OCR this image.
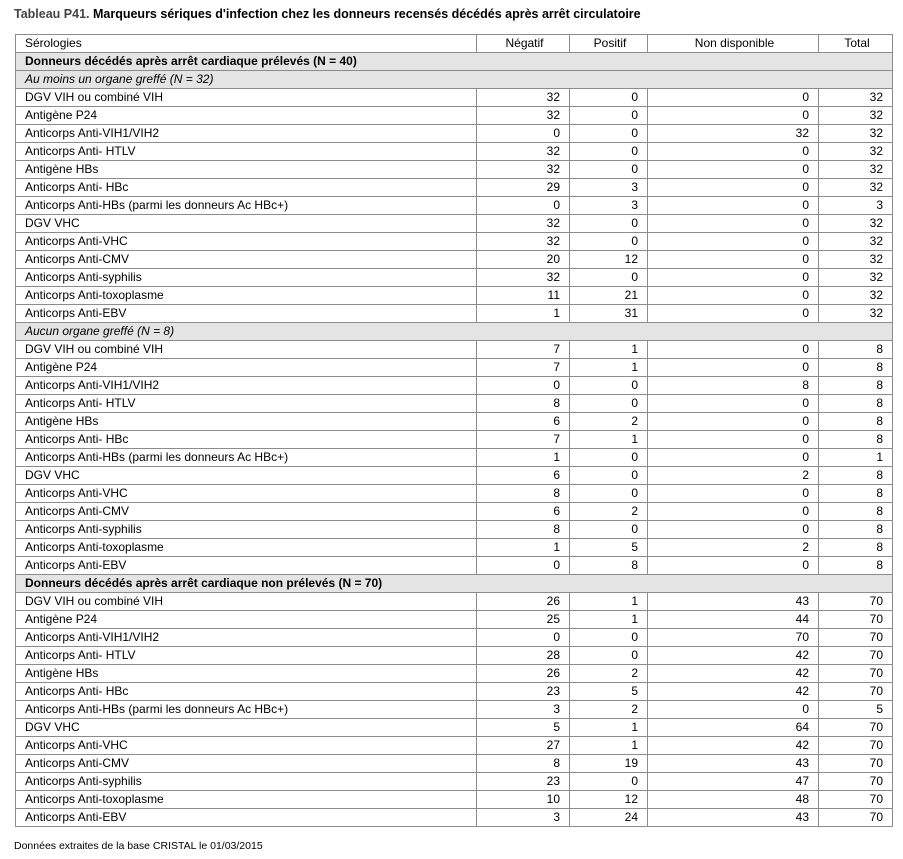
Tableau P41. Marqueurs sériques d'infection chez les donneurs recensés décédés après arrêt circulatoire
Sérologies	Négatif	Positif	Non disponible	Total
Donneurs décédés après arrêt cardiaque prélevés (N = 40)				
Au moins un organe greffé (N = 32)				
DGV VIH ou combiné VIH	32	0	0	32
Antigène P24	32	0	0	32
Anticorps Anti-VIH1/VIH2	0	0	32	32
Anticorps Anti- HTLV	32	0	0	32
Antigène HBs	32	0	0	32
Anticorps Anti- HBc	29	3	0	32
Anticorps Anti-HBs (parmi les donneurs Ac HBc+)	0	3	0	3
DGV VHC	32	0	0	32
Anticorps Anti-VHC	32	0	0	32
Anticorps Anti-CMV	20	12	0	32
Anticorps Anti-syphilis	32	0	0	32
Anticorps Anti-toxoplasme	11	21	0	32
Anticorps Anti-EBV	1	31	0	32
Aucun organe greffé (N = 8)				
DGV VIH ou combiné VIH	7	1	0	8
Antigène P24	7	1	0	8
Anticorps Anti-VIH1/VIH2	0	0	8	8
Anticorps Anti- HTLV	8	0	0	8
Antigène HBs	6	2	0	8
Anticorps Anti- HBc	7	1	0	8
Anticorps Anti-HBs (parmi les donneurs Ac HBc+)	1	0	0	1
DGV VHC	6	0	2	8
Anticorps Anti-VHC	8	0	0	8
Anticorps Anti-CMV	6	2	0	8
Anticorps Anti-syphilis	8	0	0	8
Anticorps Anti-toxoplasme	1	5	2	8
Anticorps Anti-EBV	0	8	0	8
Donneurs décédés après arrêt cardiaque non prélevés (N = 70)				
DGV VIH ou combiné VIH	26	1	43	70
Antigène P24	25	1	44	70
Anticorps Anti-VIH1/VIH2	0	0	70	70
Anticorps Anti- HTLV	28	0	42	70
Antigène HBs	26	2	42	70
Anticorps Anti- HBc	23	5	42	70
Anticorps Anti-HBs (parmi les donneurs Ac HBc+)	3	2	0	5
DGV VHC	5	1	64	70
Anticorps Anti-VHC	27	1	42	70
Anticorps Anti-CMV	8	19	43	70
Anticorps Anti-syphilis	23	0	47	70
Anticorps Anti-toxoplasme	10	12	48	70
Anticorps Anti-EBV	3	24	43	70
Données extraites de la base CRISTAL le 01/03/2015
